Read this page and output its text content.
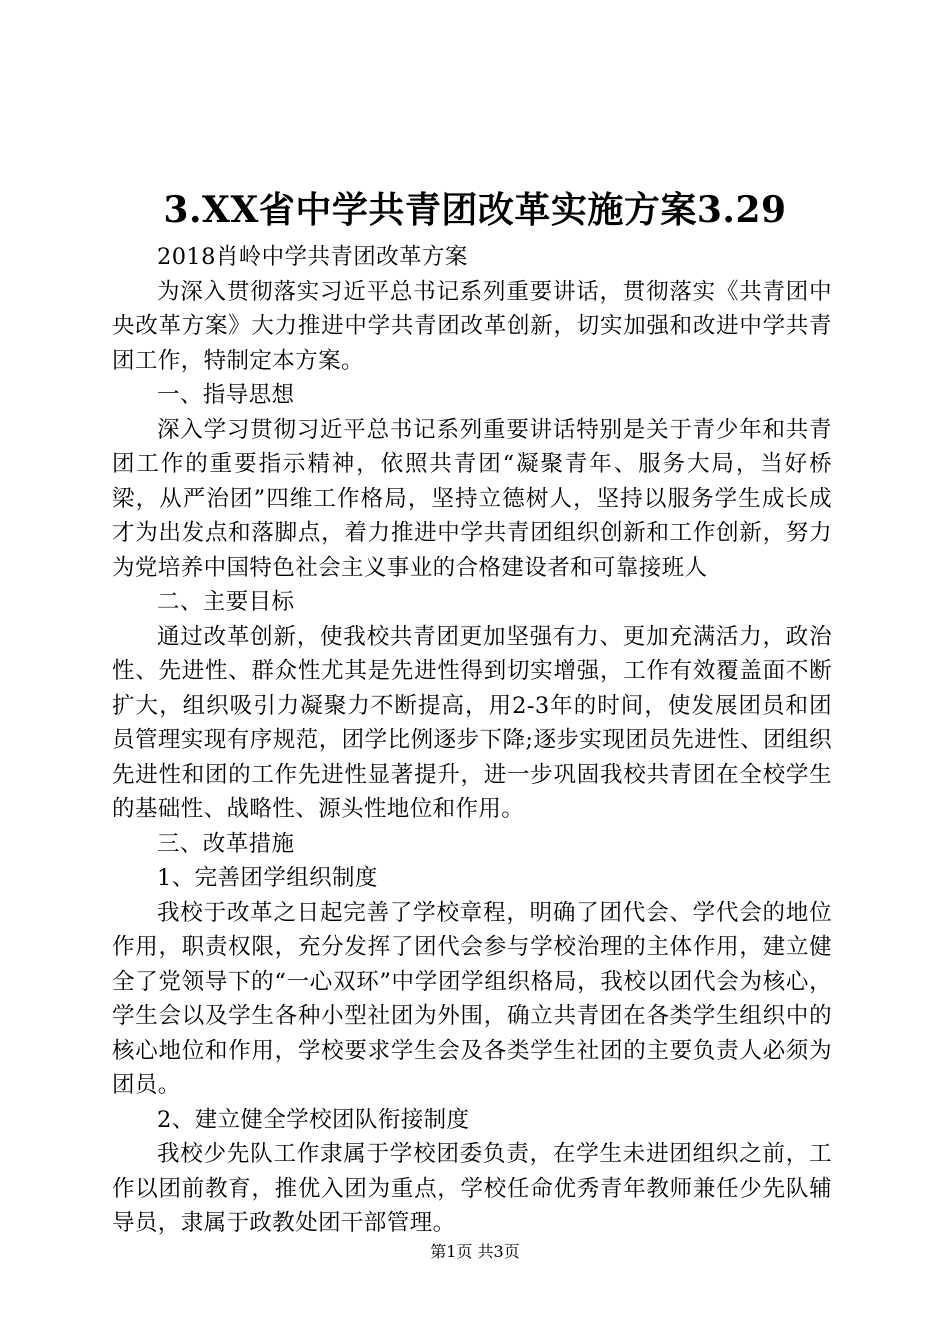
3.XX省中学共青团改革实施方案3.29

2018肖岭中学共青团改革方案

为深入贯彻落实习近平总书记系列重要讲话，贯彻落实《共青团中央改革方案》大力推进中学共青团改革创新，切实加强和改进中学共青团工作，特制定本方案。

一、指导思想

深入学习贯彻习近平总书记系列重要讲话特别是关于青少年和共青团工作的重要指示精神，依照共青团“凝聚青年、服务大局，当好桥梁，从严治团”四维工作格局，坚持立德树人，坚持以服务学生成长成才为出发点和落脚点，着力推进中学共青团组织创新和工作创新，努力为党培养中国特色社会主义事业的合格建设者和可靠接班人

二、主要目标

通过改革创新，使我校共青团更加坚强有力、更加充满活力，政治性、先进性、群众性尤其是先进性得到切实增强，工作有效覆盖面不断扩大，组织吸引力凝聚力不断提高，用2-3年的时间，使发展团员和团员管理实现有序规范，团学比例逐步下降;逐步实现团员先进性、团组织先进性和团的工作先进性显著提升，进一步巩固我校共青团在全校学生的基础性、战略性、源头性地位和作用。

三、改革措施

1、完善团学组织制度

我校于改革之日起完善了学校章程，明确了团代会、学代会的地位作用，职责权限，充分发挥了团代会参与学校治理的主体作用，建立健全了党领导下的“一心双环”中学团学组织格局，我校以团代会为核心，学生会以及学生各种小型社团为外围，确立共青团在各类学生组织中的核心地位和作用，学校要求学生会及各类学生社团的主要负责人必须为团员。

2、建立健全学校团队衔接制度

我校少先队工作隶属于学校团委负责，在学生未进团组织之前，工作以团前教育，推优入团为重点，学校任命优秀青年教师兼任少先队辅导员，隶属于政教处团干部管理。

第1页 共3页
